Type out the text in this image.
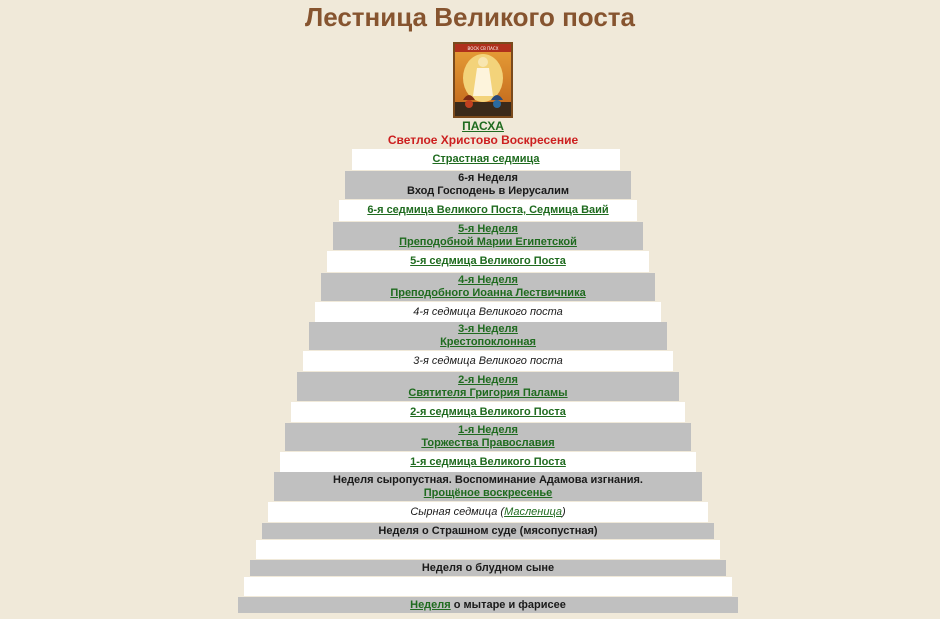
Лестница Великого поста
ВОСК СВ ПАСХ
ПАСХА
Светлое Христово Воскресение
Страстная седмица
6-я Неделя
Вход Господень в Иерусалим
6-я седмица Великого Поста, Седмица Ваий
5-я Неделя
Преподобной Марии Египетской
5-я седмица Великого Поста
4-я Неделя
Преподобного Иоанна Лествичника
4-я седмица Великого поста
3-я Неделя
Крестопоклонная
3-я седмица Великого поста
2-я Неделя
Святителя Григория Паламы
2-я седмица Великого Поста
1-я Неделя
Торжества Православия
1-я седмица Великого Поста
Неделя сыропустная. Воспоминание Адамова изгнания.
Прощёное воскресенье
Сырная седмица (Масленица)
Неделя о Страшном суде (мясопустная)
Неделя о блудном сыне
Неделя о мытаре и фарисее
